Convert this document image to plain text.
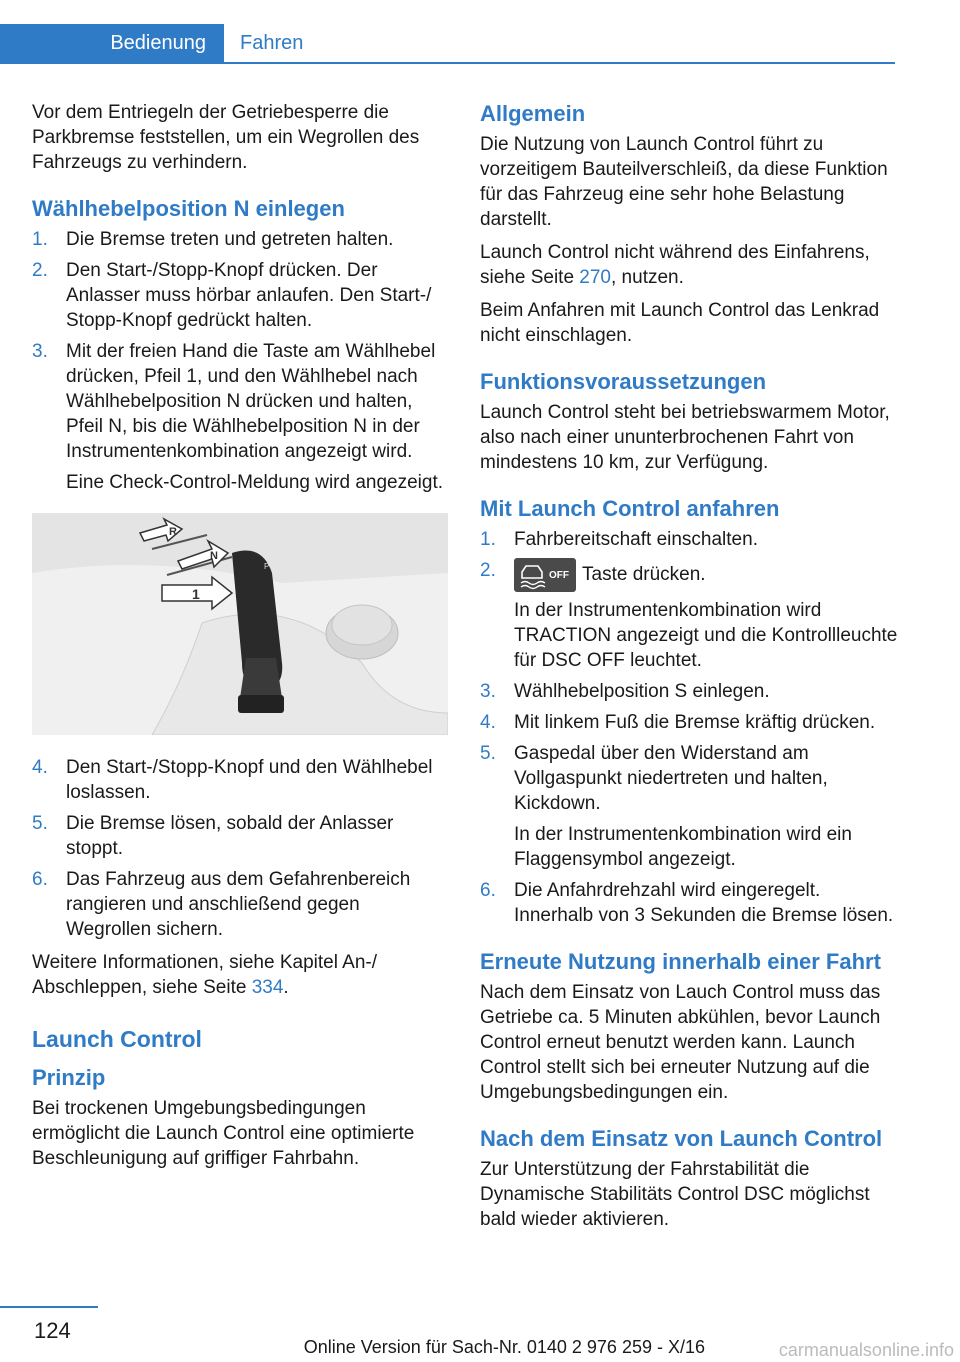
Bedienung Fahren

Vor dem Entriegeln der Getriebesperre die Parkbremse feststellen, um ein Wegrollen des Fahrzeugs zu verhindern.

Wählhebelposition N einlegen
1. Die Bremse treten und getreten halten.
2. Den Start-/Stopp-Knopf drücken. Der Anlasser muss hörbar anlaufen. Den Start-/ Stopp-Knopf gedrückt halten.
3. Mit der freien Hand die Taste am Wählhebel drücken, Pfeil 1, und den Wählhebel nach Wählhebelposition N drücken und halten, Pfeil N, bis die Wählhebelposition N in der Instrumentenkombination angezeigt wird.
Eine Check-Control-Meldung wird angezeigt.
R
N
1
P
4. Den Start-/Stopp-Knopf und den Wählhebel loslassen.
5. Die Bremse lösen, sobald der Anlasser stoppt.
6. Das Fahrzeug aus dem Gefahrenbereich rangieren und anschließend gegen Wegrollen sichern.

Weitere Informationen, siehe Kapitel An-/ Abschleppen, siehe Seite 334.

Launch Control
Prinzip

Bei trockenen Umgebungsbedingungen ermöglicht die Launch Control eine optimierte Beschleunigung auf griffiger Fahrbahn.

Allgemein

Die Nutzung von Launch Control führt zu vorzeitigem Bauteilverschleiß, da diese Funktion für das Fahrzeug eine sehr hohe Belastung darstellt.

Launch Control nicht während des Einfahrens, siehe Seite 270, nutzen.

Beim Anfahren mit Launch Control das Lenkrad nicht einschlagen.

Funktionsvoraussetzungen

Launch Control steht bei betriebswarmem Motor, also nach einer ununterbrochenen Fahrt von mindestens 10 km, zur Verfügung.

Mit Launch Control anfahren
1. Fahrbereitschaft einschalten.
2.	OFF Taste drücken.
In der Instrumentenkombination wird TRACTION angezeigt und die Kontrollleuchte für DSC OFF leuchtet.
3. Wählhebelposition S einlegen.
4. Mit linkem Fuß die Bremse kräftig drücken.
5. Gaspedal über den Widerstand am Vollgaspunkt niedertreten und halten, Kickdown.
In der Instrumentenkombination wird ein Flaggensymbol angezeigt.
6. Die Anfahrdrehzahl wird eingeregelt. Innerhalb von 3 Sekunden die Bremse lösen.
Erneute Nutzung innerhalb einer Fahrt

Nach dem Einsatz von Lauch Control muss das Getriebe ca. 5 Minuten abkühlen, bevor Launch Control erneut benutzt werden kann. Launch Control stellt sich bei erneuter Nutzung auf die Umgebungsbedingungen ein.

Nach dem Einsatz von Launch Control

Zur Unterstützung der Fahrstabilität die Dynamische Stabilitäts Control DSC möglichst bald wieder aktivieren.

124
Online Version für Sach-Nr. 0140 2 976 259 - X/16	carmanualsonline.info
